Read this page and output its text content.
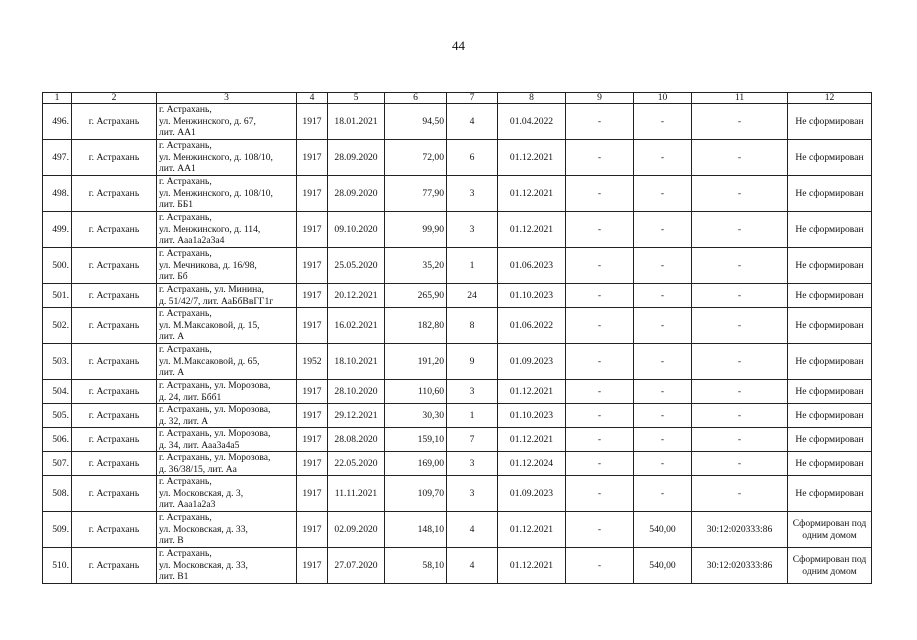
44
1	2	3	4	5	6	7	8	9	10	11	12
496.	г. Астрахань	г. Астрахань,
ул. Менжинского, д. 67,
лит. АА1	1917	18.01.2021	94,50	4	01.04.2022	-	-	-	Не сформирован
497.	г. Астрахань	г. Астрахань,
ул. Менжинского, д. 108/10,
лит. АА1	1917	28.09.2020	72,00	6	01.12.2021	-	-	-	Не сформирован
498.	г. Астрахань	г. Астрахань,
ул. Менжинского, д. 108/10,
лит. ББ1	1917	28.09.2020	77,90	3	01.12.2021	-	-	-	Не сформирован
499.	г. Астрахань	г. Астрахань,
ул. Менжинского, д. 114,
лит. Ааа1а2а3а4	1917	09.10.2020	99,90	3	01.12.2021	-	-	-	Не сформирован
500.	г. Астрахань	г. Астрахань,
ул. Мечникова, д. 16/98,
лит. Бб	1917	25.05.2020	35,20	1	01.06.2023	-	-	-	Не сформирован
501.	г. Астрахань	г. Астрахань, ул. Минина,
д. 51/42/7, лит. АаБбВвГГ1г	1917	20.12.2021	265,90	24	01.10.2023	-	-	-	Не сформирован
502.	г. Астрахань	г. Астрахань,
ул. М.Максаковой, д. 15,
лит. А	1917	16.02.2021	182,80	8	01.06.2022	-	-	-	Не сформирован
503.	г. Астрахань	г. Астрахань,
ул. М.Максаковой, д. 65,
лит. А	1952	18.10.2021	191,20	9	01.09.2023	-	-	-	Не сформирован
504.	г. Астрахань	г. Астрахань, ул. Морозова,
д. 24, лит. Ббб1	1917	28.10.2020	110,60	3	01.12.2021	-	-	-	Не сформирован
505.	г. Астрахань	г. Астрахань, ул. Морозова,
д. 32, лит. А	1917	29.12.2021	30,30	1	01.10.2023	-	-	-	Не сформирован
506.	г. Астрахань	г. Астрахань, ул. Морозова,
д. 34, лит. Ааа3а4а5	1917	28.08.2020	159,10	7	01.12.2021	-	-	-	Не сформирован
507.	г. Астрахань	г. Астрахань, ул. Морозова,
д. 36/38/15, лит. Аа	1917	22.05.2020	169,00	3	01.12.2024	-	-	-	Не сформирован
508.	г. Астрахань	г. Астрахань,
ул. Московская, д. 3,
лит. Ааа1а2а3	1917	11.11.2021	109,70	3	01.09.2023	-	-	-	Не сформирован
509.	г. Астрахань	г. Астрахань,
ул. Московская, д. 33,
лит. В	1917	02.09.2020	148,10	4	01.12.2021	-	540,00	30:12:020333:86	Сформирован под одним домом
510.	г. Астрахань	г. Астрахань,
ул. Московская, д. 33,
лит. В1	1917	27.07.2020	58,10	4	01.12.2021	-	540,00	30:12:020333:86	Сформирован под одним домом
